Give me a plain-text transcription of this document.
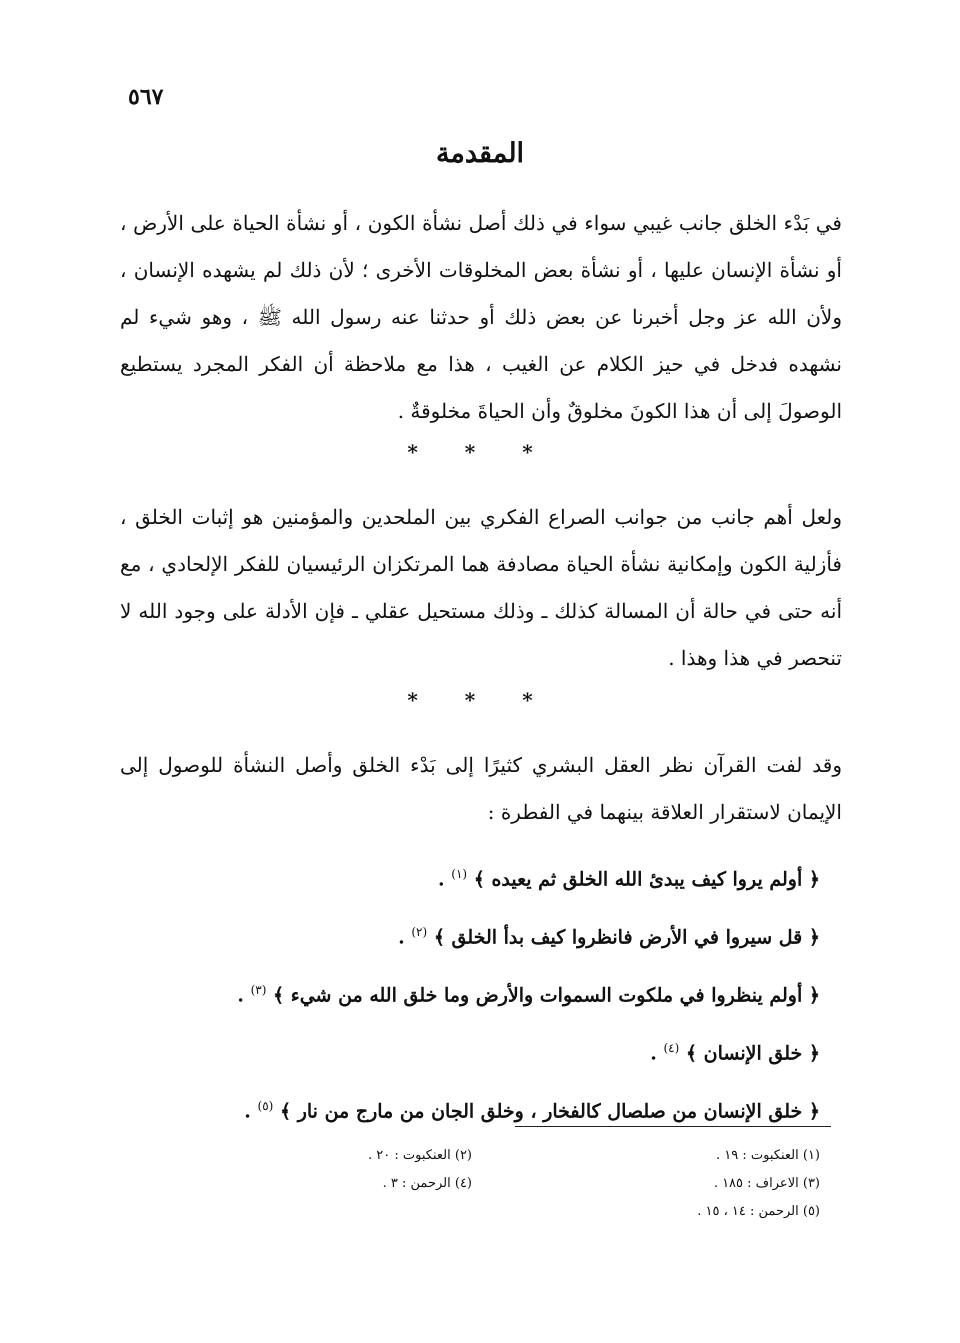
٥٦٧
المقدمة

في بَدْء الخلق جانب غيبي سواء في ذلك أصل نشأة الكون ، أو نشأة الحياة على الأرض ، أو نشأة الإنسان عليها ، أو نشأة بعض المخلوقات الأخرى ؛ لأن ذلك لم يشهده الإنسان ، ولأن الله عز وجل أخبرنا عن بعض ذلك أو حدثنا عنه رسول الله ﷺ ، وهو شيء لم نشهده فدخل في حيز الكلام عن الغيب ، هذا مع ملاحظة أن الفكر المجرد يستطيع الوصولَ إلى أن هذا الكونَ مخلوقٌ وأن الحياةَ مخلوقةٌ .

* * *

ولعل أهم جانب من جوانب الصراع الفكري بين الملحدين والمؤمنين هو إثبات الخلق ، فأزلية الكون وإمكانية نشأة الحياة مصادفة هما المرتكزان الرئيسيان للفكر الإلحادي ، مع أنه حتى في حالة أن المسالة كذلك ـ وذلك مستحيل عقلي ـ فإن الأدلة على وجود الله لا تنحصر في هذا وهذا .

* * *

وقد لفت القرآن نظر العقل البشري كثيرًا إلى بَدْء الخلق وأصل النشأة للوصول إلى الإيمان لاستقرار العلاقة بينهما في الفطرة :

﴿ أولم يروا كيف يبدئ الله الخلق ثم يعيده ﴾ $^{(١)}$ .
﴿ قل سيروا في الأرض فانظروا كيف بدأ الخلق ﴾ $^{(٢)}$ .
﴿ أولم ينظروا في ملكوت السموات والأرض وما خلق الله من شيء ﴾ $^{(٣)}$ .
﴿ خلق الإنسان ﴾ $^{(٤)}$ .
﴿ خلق الإنسان من صلصال كالفخار ، وخلق الجان من مارج من نار ﴾ $^{(٥)}$ .
(١) العنكبوت : ١٩ .
(٣) الاعراف : ١٨٥ .
(٥) الرحمن : ١٤ ، ١٥ .
(٢) العنكبوت : ٢٠ .
(٤) الرحمن : ٣ .
